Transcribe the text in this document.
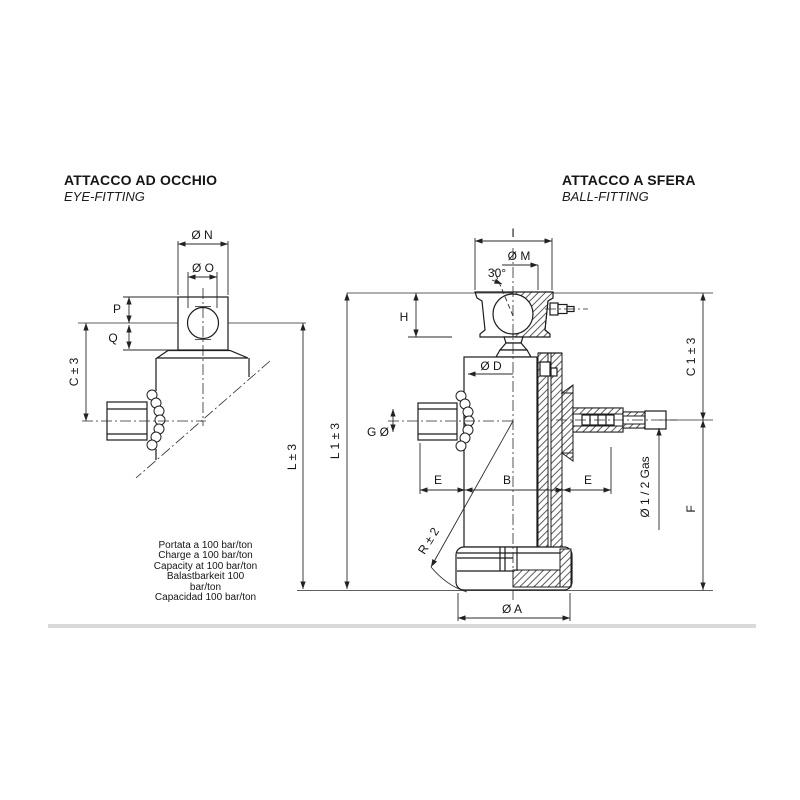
ATTACCO AD OCCHIO
EYE-FITTING
ATTACCO A SFERA
BALL-FITTING
Ø N
Ø O
P
Q
C ± 3
L ± 3
I
Ø M
30°
H
Ø D
G Ø
E	B	E
L 1 ± 3
C 1 ± 3
F
Ø 1 / 2 Gas
R ± 2
Ø A
Portata a 100 bar/ton
Charge a 100 bar/ton
Capacity at 100 bar/ton
Balastbarkeit 100
bar/ton
Capacidad 100 bar/ton
